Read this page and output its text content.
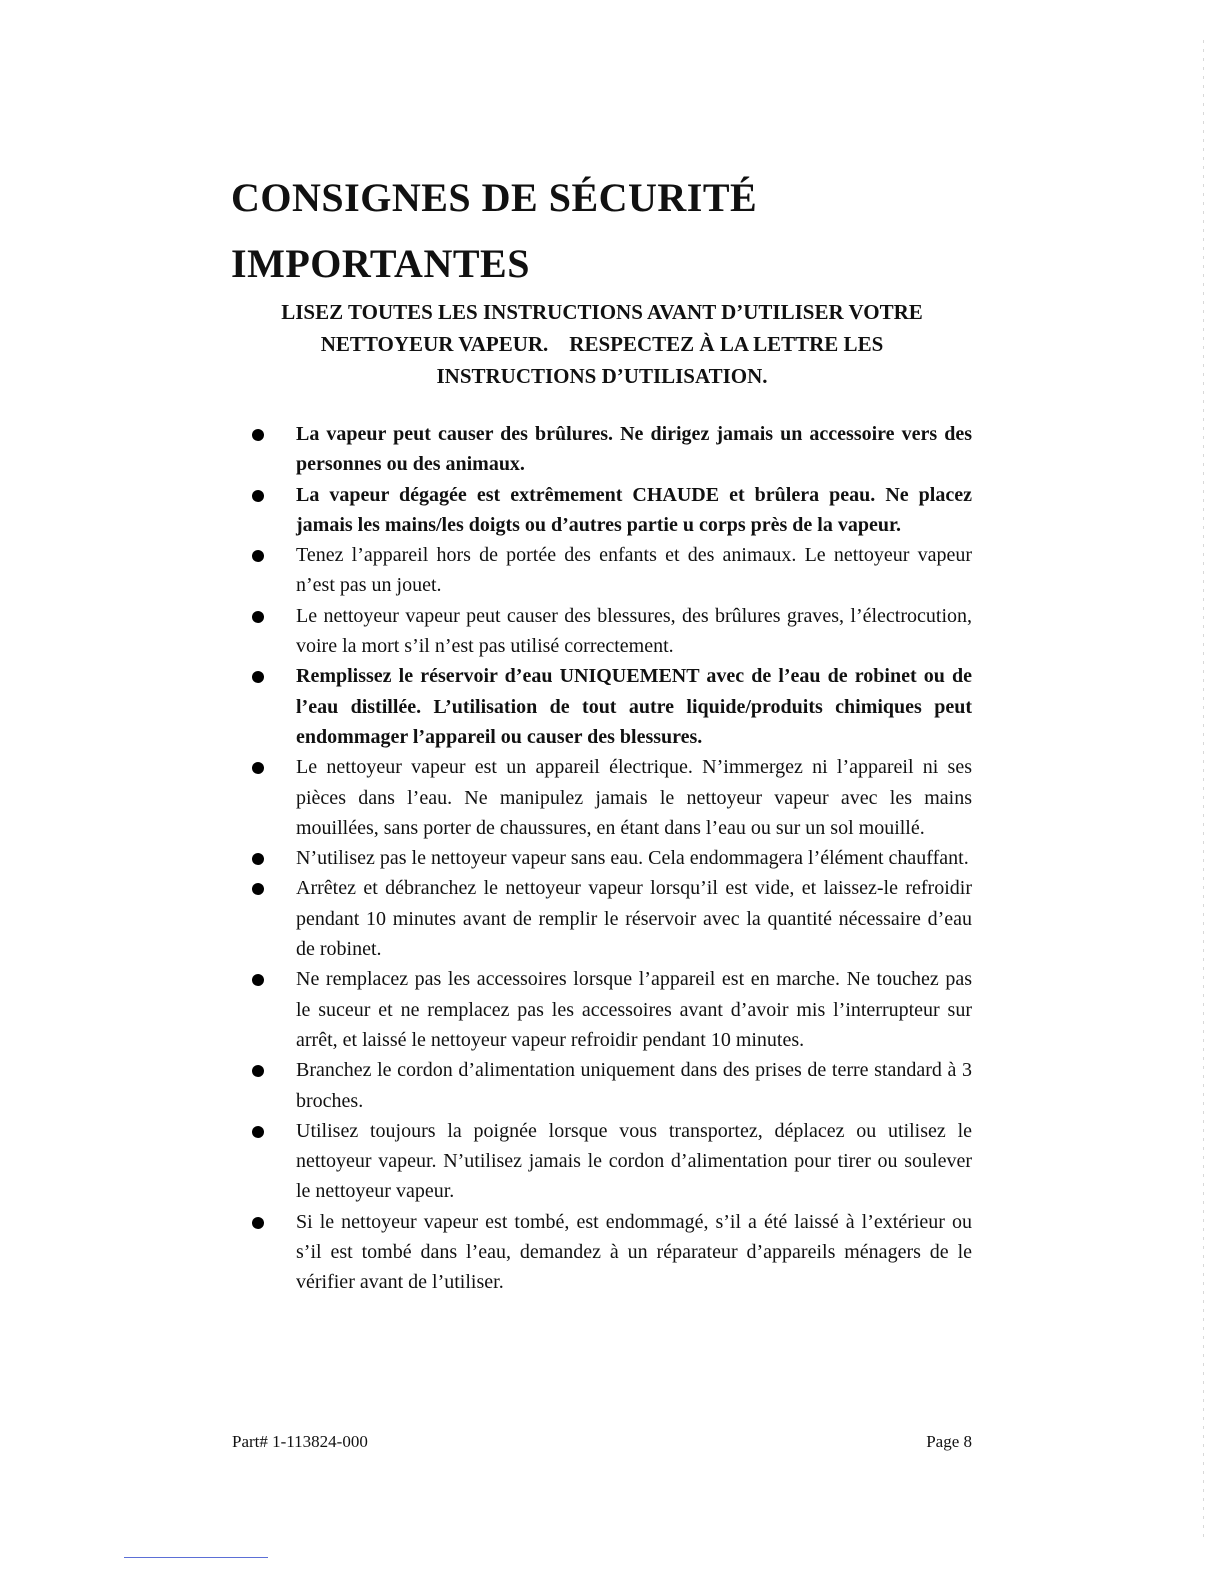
CONSIGNES DE SÉCURITÉ
IMPORTANTES
LISEZ TOUTES LES INSTRUCTIONS AVANT D’UTILISER VOTRE
NETTOYEUR VAPEUR.    RESPECTEZ À LA LETTRE LES
INSTRUCTIONS D’UTILISATION.
La vapeur peut causer des brûlures. Ne dirigez jamais un accessoire vers des personnes ou des animaux.
La vapeur dégagée est extrêmement CHAUDE et brûlera peau. Ne placez jamais les mains/les doigts ou d’autres partie u corps près de la vapeur.
Tenez l’appareil hors de portée des enfants et des animaux. Le nettoyeur vapeur n’est pas un jouet.
Le nettoyeur vapeur peut causer des blessures, des brûlures graves, l’électrocution, voire la mort s’il n’est pas utilisé correctement.
Remplissez le réservoir d’eau UNIQUEMENT avec de l’eau de robinet ou de l’eau distillée. L’utilisation de tout autre liquide/produits chimiques peut endommager l’appareil ou causer des blessures.
Le nettoyeur vapeur est un appareil électrique. N’immergez ni l’appareil ni ses pièces dans l’eau. Ne manipulez jamais le nettoyeur vapeur avec les mains mouillées, sans porter de chaussures, en étant dans l’eau ou sur un sol mouillé.
N’utilisez pas le nettoyeur vapeur sans eau. Cela endommagera l’élément chauffant.
Arrêtez et débranchez le nettoyeur vapeur lorsqu’il est vide, et laissez-le refroidir pendant 10 minutes avant de remplir le réservoir avec la quantité nécessaire d’eau de robinet.
Ne remplacez pas les accessoires lorsque l’appareil est en marche. Ne touchez pas le suceur et ne remplacez pas les accessoires avant d’avoir mis l’interrupteur sur arrêt, et laissé le nettoyeur vapeur refroidir pendant 10 minutes.
Branchez le cordon d’alimentation uniquement dans des prises de terre standard à 3 broches.
Utilisez toujours la poignée lorsque vous transportez, déplacez ou utilisez le nettoyeur vapeur. N’utilisez jamais le cordon d’alimentation pour tirer ou soulever le nettoyeur vapeur.
Si le nettoyeur vapeur est tombé, est endommagé, s’il a été laissé à l’extérieur ou s’il est tombé dans l’eau, demandez à un réparateur d’appareils ménagers de le vérifier avant de l’utiliser.
Part# 1-113824-000	Page 8
